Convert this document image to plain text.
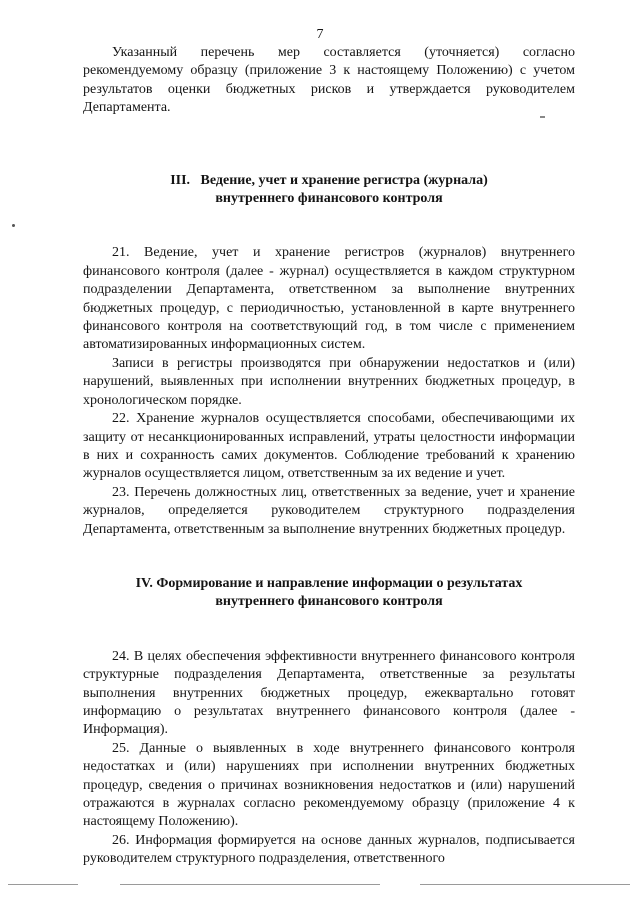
7

Указанный перечень мер составляется (уточняется) согласно рекомендуемому образцу (приложение 3 к настоящему Положению) с учетом результатов оценки бюджетных рисков и утверждается руководителем Департамента.

III.   Ведение, учет и хранение регистра (журнала)
внутреннего финансового контроля

21. Ведение, учет и хранение регистров (журналов) внутреннего финансового контроля (далее - журнал) осуществляется в каждом структурном подразделении Департамента, ответственном за выполнение внутренних бюджетных процедур, с периодичностью, установленной в карте внутреннего финансового контроля на соответствующий год, в том числе с применением автоматизированных информационных систем.

Записи в регистры производятся при обнаружении недостатков и (или) нарушений, выявленных при исполнении внутренних бюджетных процедур, в хронологическом порядке.

22. Хранение журналов осуществляется способами, обеспечивающими их защиту от несанкционированных исправлений, утраты целостности информации в них и сохранность самих документов. Соблюдение требований к хранению журналов осуществляется лицом, ответственным за их ведение и учет.

23. Перечень должностных лиц, ответственных за ведение, учет и хранение журналов, определяется руководителем структурного подразделения Департамента, ответственным за выполнение внутренних бюджетных процедур.

IV. Формирование и направление информации о результатах
внутреннего финансового контроля

24. В целях обеспечения эффективности внутреннего финансового контроля структурные подразделения Департамента, ответственные за результаты выполнения внутренних бюджетных процедур, ежеквартально готовят информацию о результатах внутреннего финансового контроля (далее - Информация).

25. Данные о выявленных в ходе внутреннего финансового контроля недостатках и (или) нарушениях при исполнении внутренних бюджетных процедур, сведения о причинах возникновения недостатков и (или) нарушений отражаются в журналах согласно рекомендуемому образцу (приложение 4 к настоящему Положению).

26. Информация формируется на основе данных журналов, подписывается руководителем структурного подразделения, ответственного
